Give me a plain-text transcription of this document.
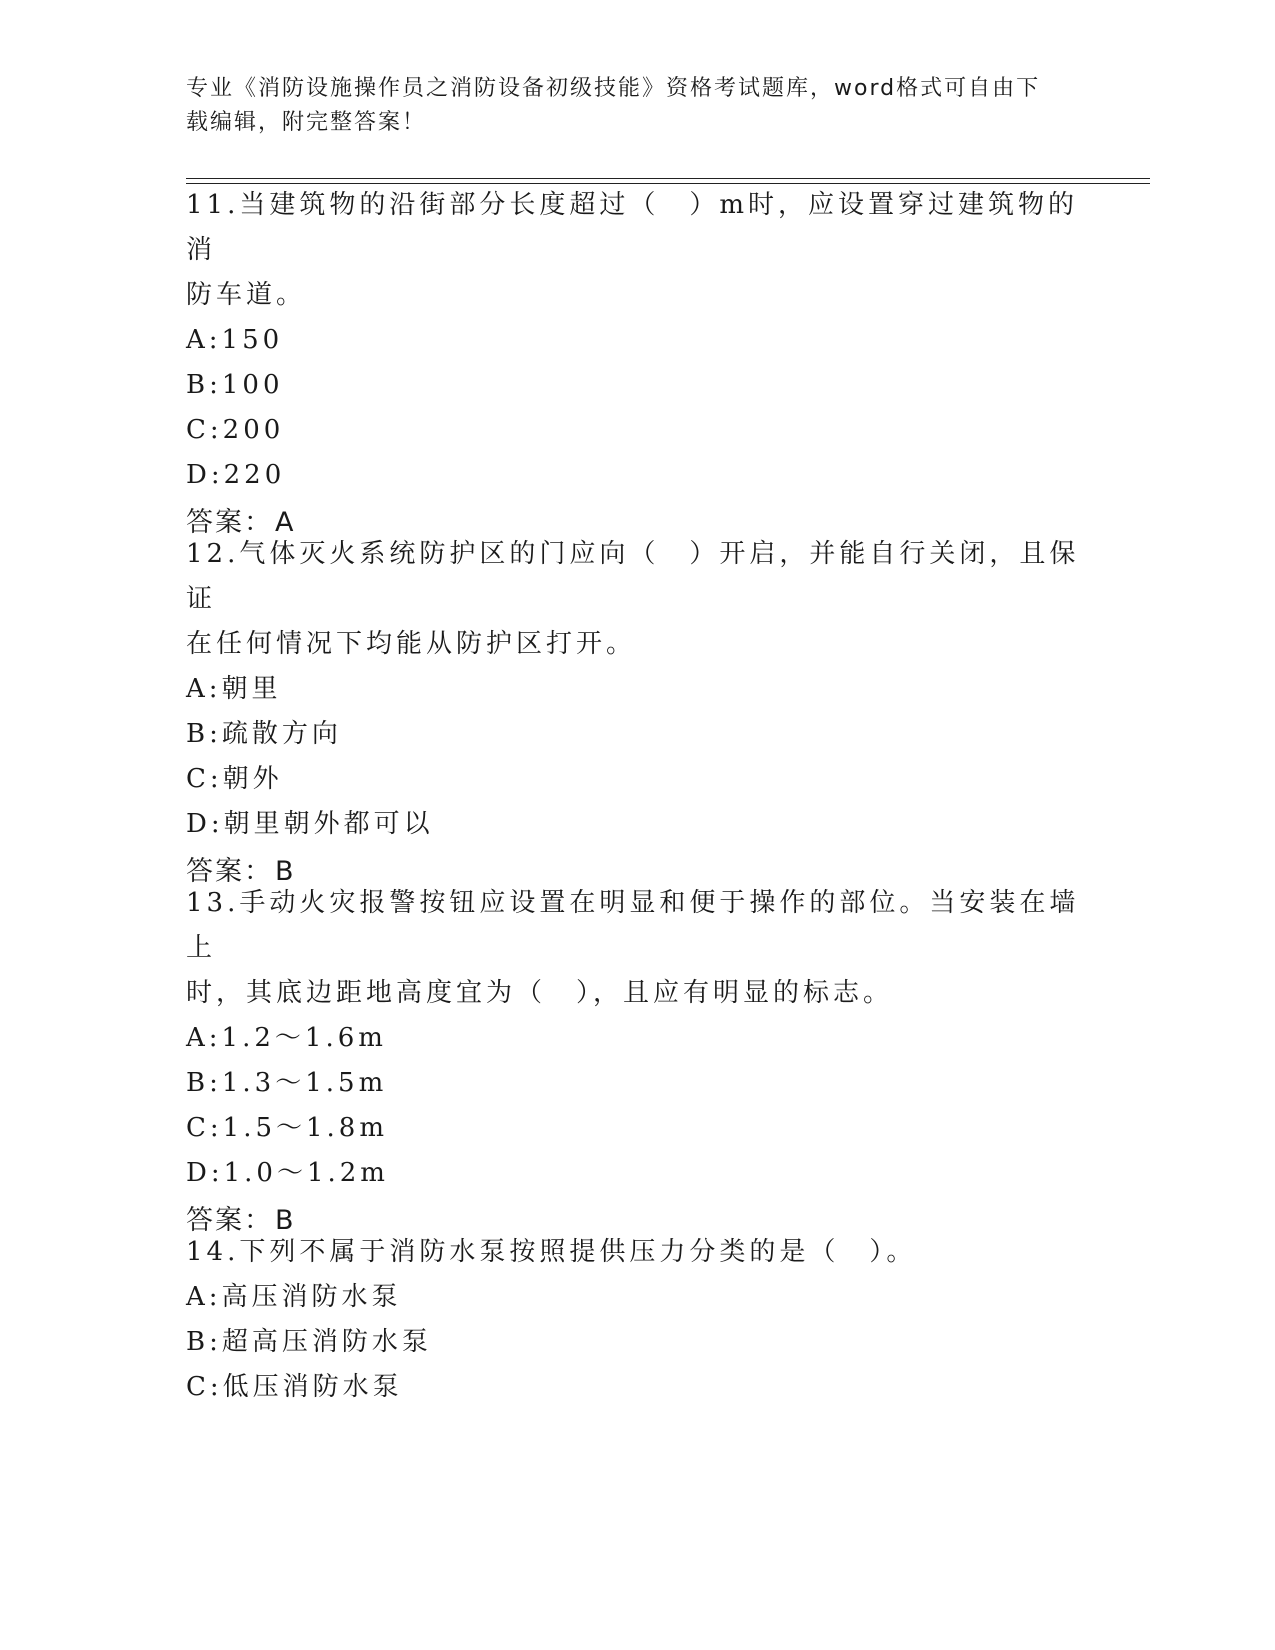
专业《消防设施操作员之消防设备初级技能》资格考试题库，word格式可自由下
载编辑，附完整答案！
11.当建筑物的沿街部分长度超过（　）m时，应设置穿过建筑物的消
防车道。
A:150
B:100
C:200
D:220
答案：A
12.气体灭火系统防护区的门应向（　）开启，并能自行关闭，且保证
在任何情况下均能从防护区打开。
A:朝里
B:疏散方向
C:朝外
D:朝里朝外都可以
答案：B
13.手动火灾报警按钮应设置在明显和便于操作的部位。当安装在墙上
时，其底边距地高度宜为（　），且应有明显的标志。
A:1.2～1.6m
B:1.3～1.5m
C:1.5～1.8m
D:1.0～1.2m
答案：B
14.下列不属于消防水泵按照提供压力分类的是（　）。
A:高压消防水泵
B:超高压消防水泵
C:低压消防水泵
